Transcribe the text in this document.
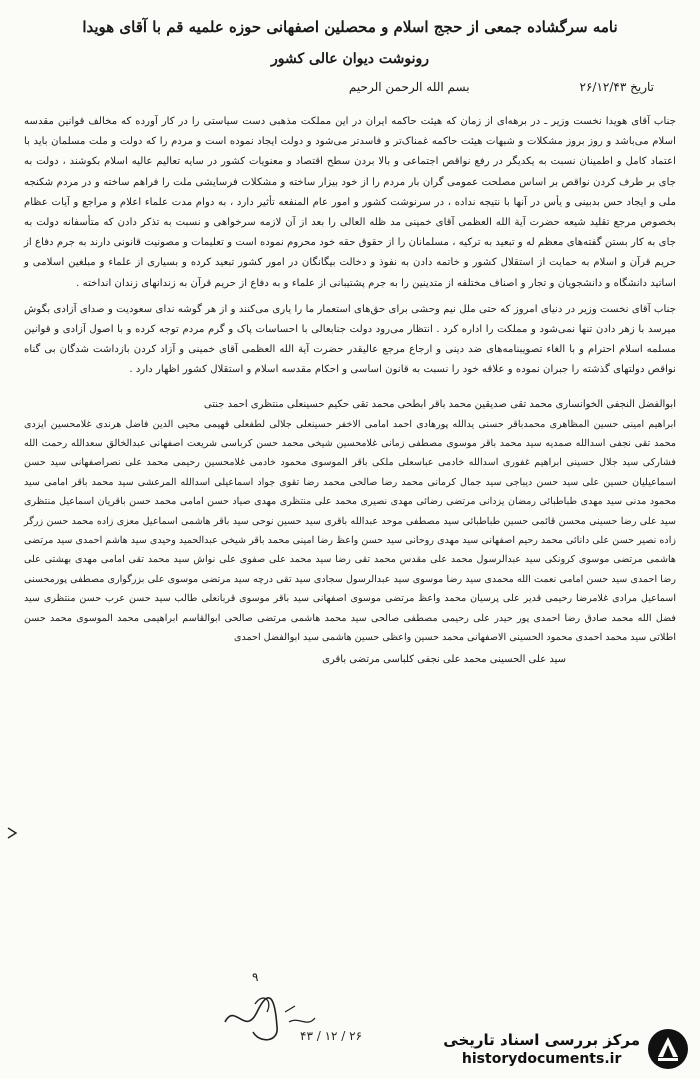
نامه سرگشاده جمعی از حجج اسلام و محصلین اصفهانی حوزه علمیه قم با آقای هویدا
رونوشت دیوان عالی کشور
تاریخ ۲۶/۱۲/۴۳
بسم الله الرحمن الرحیم

جناب آقای هویدا نخست وزیر ـ در برهه‌ای از زمان که هیئت حاکمه ایران در این مملکت مذهبی دست سیاستی را در کار آورده که مخالف قوانین مقدسه اسلام می‌باشد و روز بروز مشکلات و شبهات هیئت حاکمه غمناک‌تر و فاسدتر می‌شود و دولت ایجاد نموده است و مردم را که دولت و ملت مسلمان باید با اعتماد کامل و اطمینان نسبت به یکدیگر در رفع نواقص اجتماعی و بالا بردن سطح اقتصاد و معنویات کشور در سایه تعالیم عالیه اسلام بکوشند ، دولت به جای بر طرف کردن نواقص بر اساس مصلحت عمومی گران بار مردم را از خود بیزار ساخته و مشکلات فرسایشی ملت را فراهم ساخته و در مردم شکنجه ملی و ایجاد حس بدبینی و یأس در آنها با نتیجه نداده ، در سرنوشت کشور و امور عام المنفعه تأثیر دارد ، به دوام مدت علماء اعلام و مراجع و آیات عظام بخصوص مرجع تقلید شیعه حضرت آیة الله العظمی آقای خمینی مد ظله العالی را بعد از آن لازمه سرخواهی و نسبت به تذکر دادن که متأسفانه دولت به جای به کار بستن گفته‌های معظم له و تبعید به ترکیه ، مسلمانان را از حقوق حقه خود محروم نموده است و تعلیمات و مصونیت قانونی دارند به جرم دفاع از حریم قرآن و اسلام به حمایت از استقلال کشور و خاتمه دادن به نفوذ و دخالت بیگانگان در امور کشور تبعید کرده و بسیاری از علماء و مبلغین اسلامی و اساتید دانشگاه و دانشجویان و تجار و اصناف مختلفه از متدینین را به جرم پشتیبانی از علماء و به دفاع از حریم قرآن به زندانهای زندان انداخته .

جناب آقای نخست وزیر در دنیای امروز که حتی ملل نیم وحشی برای حق‌های استعمار ما را یاری می‌کنند و از هر گوشه ندای سعودیت و صدای آزادی بگوش میرسد با زهر دادن تنها نمی‌شود و مملکت را اداره کرد . انتظار می‌رود دولت جنابعالی با احساسات پاک و گرم مردم توجه کرده و با اصول آزادی و قوانین مسلمه اسلام احترام و با الغاء تصویبنامه‌های ضد دینی و ارجاع مرجع عالیقدر حضرت آیة الله العظمی آقای خمینی و آزاد کردن بازداشت شدگان بی گناه نواقص دولتهای گذشته را جبران نموده و علاقه خود را نسبت به قانون اساسی و احکام مقدسه اسلام و استقلال کشور اظهار دارد .

ابوالفضل النجفی الخوانساری محمد تقی صدیقین محمد باقر ابطحی محمد تقی حکیم حسینعلی منتظری احمد جنتی

ابراهیم امینی حسین المظاهری محمدباقر حسنی یدالله پورهادی احمد امامی الاخفر حسینعلی جلالی لطفعلی قهیمی محیی الدین فاضل هرندی غلامحسین ایزدی محمد تقی نجفی اسدالله صمدیه سید محمد باقر موسوی مصطفی زمانی غلامحسین شیخی محمد حسن کرباسی شریعت اصفهانی عبدالخالق سعدالله رحمت الله فشارکی سید جلال حسینی ابراهیم غفوری اسدالله خادمی عباسعلی ملکی باقر الموسوی محمود خادمی غلامحسین رحیمی محمد علی نصراصفهانی سید حسن اسماعیلیان حسین علی سید حسن دیباجی سید جمال کرمانی محمد رضا صالحی محمد رضا تقوی جواد اسماعیلی اسدالله المرعشی سید محمد باقر امامی سید محمود مدنی سید مهدی طباطبائی رمضان یزدانی مرتضی رضائی مهدی نصیری محمد علی منتظری مهدی صیاد حسن امامی محمد حسن باقریان اسماعیل منتظری سید علی رضا حسینی محسن قائمی حسین طباطبائی سید مصطفی موحد عبدالله باقری سید حسین نوحی سید باقر هاشمی اسماعیل معزی زاده محمد حسن زرگر زاده نصیر حسن علی دانائی محمد رحیم اصفهانی سید مهدی روحانی سید حسن واعظ رضا امینی محمد باقر شیخی عبدالحمید وحیدی سید هاشم احمدی سید مرتضی هاشمی مرتضی موسوی کرونکی سید عبدالرسول محمد علی مقدس محمد تقی رضا سید محمد علی صفوی علی نواش سید محمد تقی امامی مهدی بهشتی علی رضا احمدی سید حسن امامی نعمت الله محمدی سید رضا موسوی سید عبدالرسول سجادی سید تقی درچه سید مرتضی موسوی علی بزرگواری مصطفی پورمحسنی اسماعیل مرادی غلامرضا رحیمی قدیر علی پرسیان محمد واعظ مرتضی موسوی اصفهانی سید باقر موسوی قربانعلی طالب سید حسن عرب حسن منتظری سید فضل الله محمد صادق رضا احمدی پور حیدر علی رحیمی مصطفی صالحی سید محمد هاشمی مرتضی صالحی ابوالقاسم ابراهیمی محمد الموسوی محمد حسن اطلاتی سید محمد احمدی محمود الحسینی الاصفهانی محمد حسین واعظی حسین هاشمی سید ابوالفضل احمدی

سید علی الحسینی محمد علی نجفی کلباسی مرتضی باقری

۹
۴۳ / ۱۲ / ۲۶	مرکز بررسی اسناد تاریخی
historydocuments.ir
